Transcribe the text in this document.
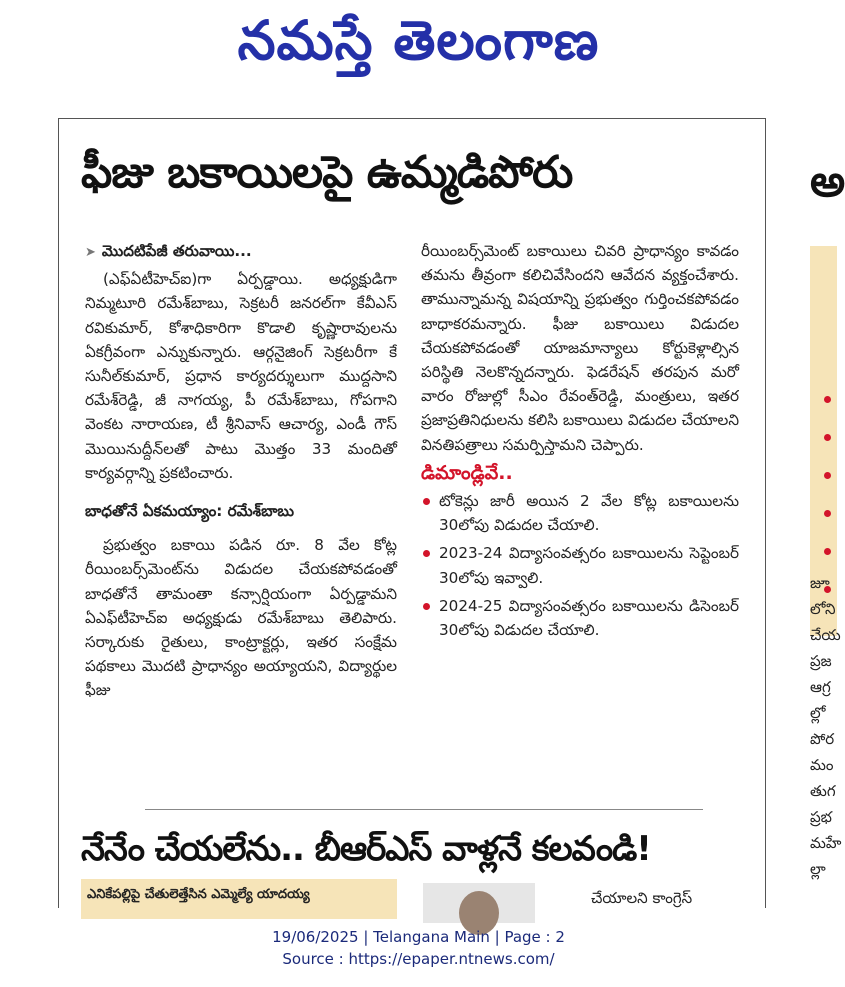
నమస్తే తెలంగాణ
ఫీజు బకాయిలపై ఉమ్మడిపోరు
➤ మొదటిపేజీ తరువాయి...

(ఎఫ్ఏటీహెచ్ఐ)గా ఏర్పడ్డాయి. అధ్యక్షుడిగా నిమ్మటూరి రమేశ్‌బాబు, సెక్రటరీ జనరల్‌గా కేవీఎస్ రవికుమార్, కోశాధికారిగా కొడాలి కృష్ణారావులను ఏకగ్రీవంగా ఎన్నుకున్నారు. ఆర్గనైజింగ్ సెక్రటరీగా కే సునీల్‌కుమార్, ప్రధాన కార్యదర్శులుగా ముద్దసాని రమేశ్‌రెడ్డి, జీ నాగయ్య, పీ రమేశ్‌బాబు, గోపగాని వెంకట నారాయణ, టీ శ్రీనివాస్ ఆచార్య, ఎండీ గౌస్ మొయినుద్దీన్‌లతో పాటు మొత్తం 33 మందితో కార్యవర్గాన్ని ప్రకటించారు.

బాధతోనే ఏకమయ్యాం: రమేశ్‌బాబు

ప్రభుత్వం బకాయి పడిన రూ. 8 వేల కోట్ల రీయింబర్స్‌మెంట్‌ను విడుదల చేయకపోవడంతో బాధతోనే తామంతా కన్సార్షియంగా ఏర్పడ్డామని ఏఎఫ్‌టీహెచ్ఐ అధ్యక్షుడు రమేశ్‌బాబు తెలిపారు. సర్కారుకు రైతులు, కాంట్రాక్టర్లు, ఇతర సంక్షేమ పథకాలు మొదటి ప్రాధాన్యం అయ్యాయని, విద్యార్థుల ఫీజు

రీయింబర్స్‌మెంట్ బకాయిలు చివరి ప్రాధాన్యం కావడం తమను తీవ్రంగా కలిచివేసిందని ఆవేదన వ్యక్తంచేశారు. తామున్నామన్న విషయాన్ని ప్రభుత్వం గుర్తించకపోవడం బాధాకరమన్నారు. ఫీజు బకాయిలు విడుదల చేయకపోవడంతో యాజమాన్యాలు కోర్టుకెళ్లాల్సిన పరిస్థితి నెలకొన్నదన్నారు. ఫెడరేషన్ తరపున మరో వారం రోజుల్లో సీఎం రేవంత్‌రెడ్డి, మంత్రులు, ఇతర ప్రజాప్రతినిధులను కలిసి బకాయిలు విడుదల చేయాలని వినతిపత్రాలు సమర్పిస్తామని చెప్పారు.

డిమాండ్లివే..
టోకెన్లు జారీ అయిన 2 వేల కోట్ల బకాయిలను 30లోపు విడుదల చేయాలి.
2023-24 విద్యాసంవత్సరం బకాయిలను సెప్టెంబర్ 30లోపు ఇవ్వాలి.
2024-25 విద్యాసంవత్సరం బకాయిలను డిసెంబర్ 30లోపు విడుదల చేయాలి.
నేనేం చేయలేను.. బీఆర్ఎస్ వాళ్లనే కలవండి!
ఎనికేపల్లిపై చేతులెత్తేసిన ఎమ్మెల్యే యాదయ్య	చేయాలని కాంగ్రెస్
అ
జూ
లోని
చేయ
ప్రజ
ఆగ్ర
ల్లో
పోర
మం
తుగ
ప్రభ
మహే
ల్లా
19/06/2025 | Telangana Main | Page : 2
Source : https://epaper.ntnews.com/
